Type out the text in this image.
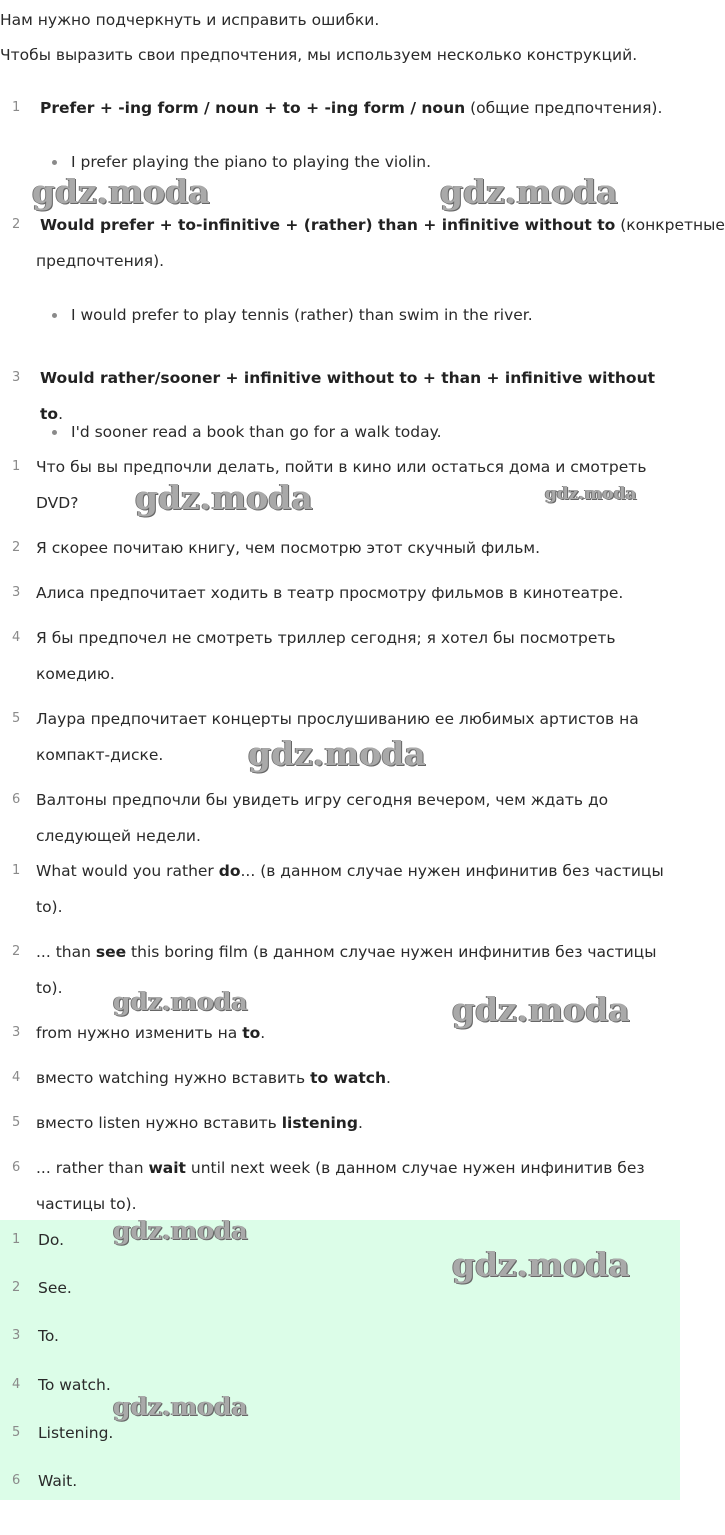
Нам нужно подчеркнуть и исправить ошибки.

Чтобы выразить свои предпочтения, мы используем несколько конструкций.

1	Prefer + -ing form / noun + to + -ing form / noun (общие предпочтения).
I prefer playing the piano to playing the violin.
2	Would prefer + to-infinitive + (rather) than + infinitive without to (конкретные
предпочтения).
I would prefer to play tennis (rather) than swim in the river.
3	Would rather/sooner + infinitive without to + than + infinitive without to.
I'd sooner read a book than go for a walk today.
1	Что бы вы предпочли делать, пойти в кино или остаться дома и смотреть
DVD?
2	Я скорее почитаю книгу, чем посмотрю этот скучный фильм.
3	Алиса предпочитает ходить в театр просмотру фильмов в кинотеатре.
4	Я бы предпочел не смотреть триллер сегодня; я хотел бы посмотреть
комедию.
5	Лаура предпочитает концерты прослушиванию ее любимых артистов на
компакт-диске.
6	Валтоны предпочли бы увидеть игру сегодня вечером, чем ждать до
следующей недели.
1	What would you rather do... (в данном случае нужен инфинитив без частицы
to).
2	... than see this boring film (в данном случае нужен инфинитив без частицы
to).
3	from нужно изменить на to.
4	вместо watching нужно вставить to watch.
5	вместо listen нужно вставить listening.
6	... rather than wait until next week (в данном случае нужен инфинитив без
частицы to).
1	Do.
2	See.
3	To.
4	To watch.
5	Listening.
6	Wait.
gdz.moda	gdz.moda
gdz.moda	gdz.moda
gdz.moda
gdz.moda	gdz.moda
gdz.moda
gdz.moda
gdz.moda
